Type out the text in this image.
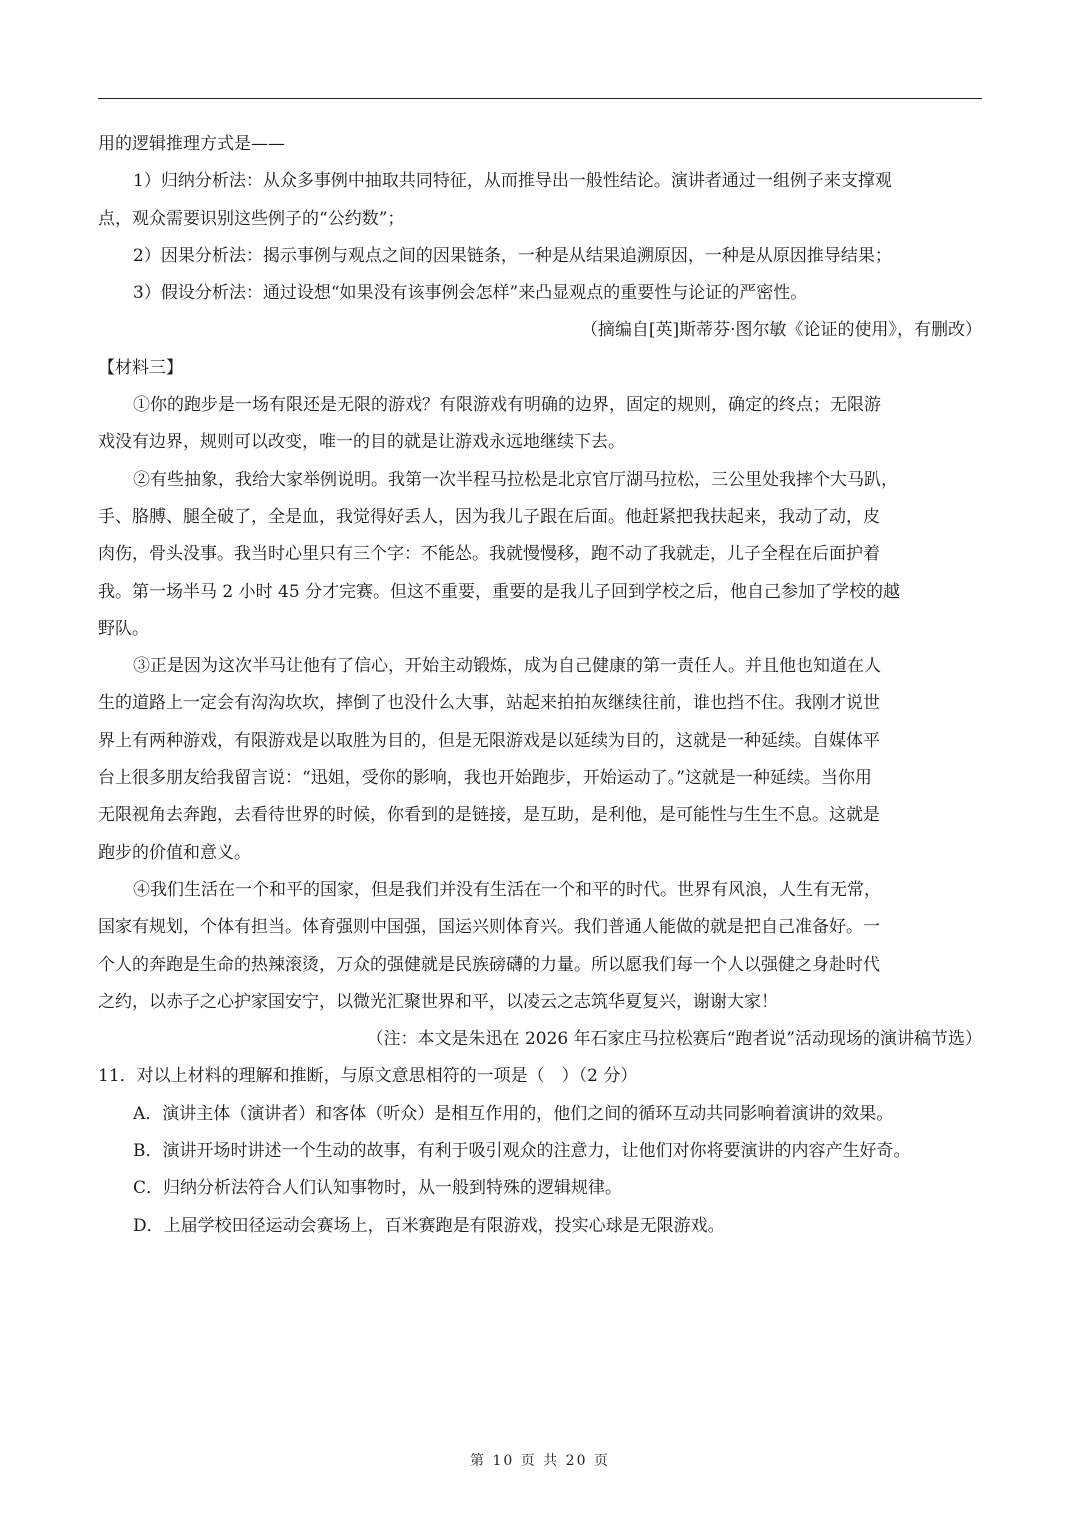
用的逻辑推理方式是——
1）归纳分析法：从众多事例中抽取共同特征，从而推导出一般性结论。演讲者通过一组例子来支撑观
点，观众需要识别这些例子的“公约数”；
2）因果分析法：揭示事例与观点之间的因果链条，一种是从结果追溯原因，一种是从原因推导结果；
3）假设分析法：通过设想“如果没有该事例会怎样”来凸显观点的重要性与论证的严密性。
（摘编自[英]斯蒂芬·图尔敏《论证的使用》，有删改）
【材料三】
①你的跑步是一场有限还是无限的游戏？有限游戏有明确的边界，固定的规则，确定的终点；无限游
戏没有边界，规则可以改变，唯一的目的就是让游戏永远地继续下去。
②有些抽象，我给大家举例说明。我第一次半程马拉松是北京官厅湖马拉松，三公里处我摔个大马趴，
手、胳膊、腿全破了，全是血，我觉得好丢人，因为我儿子跟在后面。他赶紧把我扶起来，我动了动，皮
肉伤，骨头没事。我当时心里只有三个字：不能怂。我就慢慢移，跑不动了我就走，儿子全程在后面护着
我。第一场半马 2 小时 45 分才完赛。但这不重要，重要的是我儿子回到学校之后，他自己参加了学校的越
野队。
③正是因为这次半马让他有了信心，开始主动锻炼，成为自己健康的第一责任人。并且他也知道在人
生的道路上一定会有沟沟坎坎，摔倒了也没什么大事，站起来拍拍灰继续往前，谁也挡不住。我刚才说世
界上有两种游戏，有限游戏是以取胜为目的，但是无限游戏是以延续为目的，这就是一种延续。自媒体平
台上很多朋友给我留言说：“迅姐，受你的影响，我也开始跑步，开始运动了。”这就是一种延续。当你用
无限视角去奔跑，去看待世界的时候，你看到的是链接，是互助，是利他，是可能性与生生不息。这就是
跑步的价值和意义。
④我们生活在一个和平的国家，但是我们并没有生活在一个和平的时代。世界有风浪，人生有无常，
国家有规划，个体有担当。体育强则中国强，国运兴则体育兴。我们普通人能做的就是把自己准备好。一
个人的奔跑是生命的热辣滚烫，万众的强健就是民族磅礴的力量。所以愿我们每一个人以强健之身赴时代
之约，以赤子之心护家国安宁，以微光汇聚世界和平，以凌云之志筑华夏复兴，谢谢大家！
（注：本文是朱迅在 2026 年石家庄马拉松赛后“跑者说”活动现场的演讲稿节选）
11．对以上材料的理解和推断，与原文意思相符的一项是（　）（2 分）
A．演讲主体（演讲者）和客体（听众）是相互作用的，他们之间的循环互动共同影响着演讲的效果。
B．演讲开场时讲述一个生动的故事，有利于吸引观众的注意力，让他们对你将要演讲的内容产生好奇。
C．归纳分析法符合人们认知事物时，从一般到特殊的逻辑规律。
D．上届学校田径运动会赛场上，百米赛跑是有限游戏，投实心球是无限游戏。
第 10 页 共 20 页
